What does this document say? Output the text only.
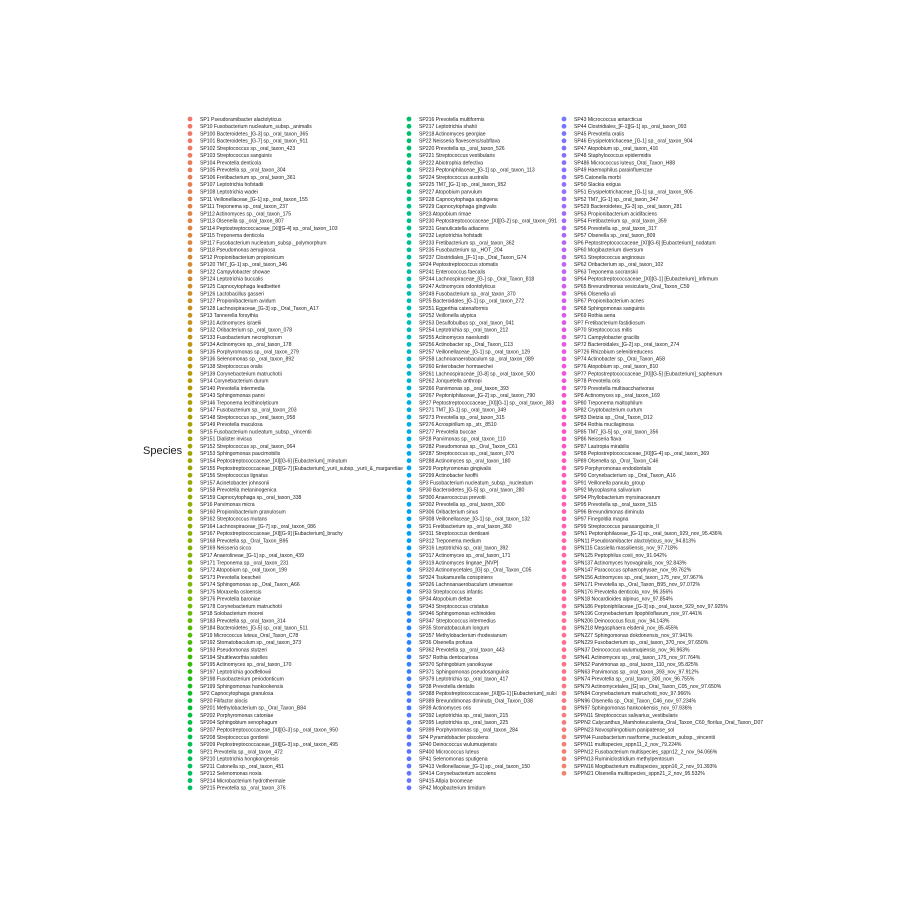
Species
SP1 Pseudoramibacter alactolyticus
SP10 Fusobacterium nucleatum_subsp._animalis
SP100 Bacteroidetes_[G-3] sp._oral_taxon_365
SP101 Bacteroidetes_[G-7] sp._oral_taxon_911
SP102 Streptococcus sp._oral_taxon_423
SP103 Streptococcus sanguinis
SP104 Prevotella denticola
SP105 Prevotella sp._oral_taxon_304
SP106 Fretibacterium sp._oral_taxon_361
SP107 Leptotrichia hofstadii
SP108 Leptotrichia wadei
SP11 Veillonellaceae_[G-1] sp._oral_taxon_155
SP111 Treponema sp._oral_taxon_237
SP112 Actinomyces sp._oral_taxon_175
SP113 Olsenella sp._oral_taxon_807
SP114 Peptostreptococcaceae_[XI][G-4] sp._oral_taxon_103
SP115 Treponema denticola
SP117 Fusobacterium nucleatum_subsp._polymorphum
SP118 Pseudomonas aeruginosa
SP12 Propionibacterium propionicum
SP120 TM7_[G-1] sp._oral_taxon_346
SP122 Campylobacter showae
SP124 Leptotrichia buccalis
SP125 Capnocytophaga leadbetteri
SP126 Lactobacillus gasseri
SP127 Propionibacterium avidum
SP128 Lachnospiraceae_[G-3] sp._Oral_Taxon_A17
SP13 Tannerella forsythia
SP131 Actinomyces israelii
SP132 Oribacterium sp._oral_taxon_078
SP133 Fusobacterium necrophorum
SP134 Actinomyces sp._oral_taxon_178
SP135 Porphyromonas sp._oral_taxon_279
SP136 Selenomonas sp._oral_taxon_892
SP138 Streptococcus oralis
SP139 Corynebacterium matruchotii
SP14 Corynebacterium durum
SP140 Prevotella intermedia
SP143 Sphingomonas panni
SP146 Treponema lecithinolyticum
SP147 Fusobacterium sp._oral_taxon_203
SP148 Streptococcus sp._oral_taxon_058
SP149 Prevotella maculosa
SP15 Fusobacterium nucleatum_subsp._vincentii
SP151 Dialister invisus
SP152 Streptococcus sp._oral_taxon_064
SP153 Sphingomonas paucimobilis
SP154 Peptostreptococcaceae_[XI][G-6] [Eubacterium]_minutum
SP155 Peptostreptococcaceae_[XI][G-7] [Eubacterium]_yurii_subsp._yurii_&_margaretiae
SP156 Streptococcus lignatus
SP157 Acinetobacter johnsonii
SP158 Prevotella melaninogenica
SP159 Capnocytophaga sp._oral_taxon_338
SP16 Parvimonas micra
SP160 Propionibacterium granulosum
SP162 Streptococcus mutans
SP164 Lachnospiraceae_[G-7] sp._oral_taxon_086
SP167 Peptostreptococcaceae_[XI][G-9] [Eubacterium]_brachy
SP168 Prevotella sp._Oral_Taxon_B95
SP169 Neisseria sicca
SP17 Anaerolineae_[G-1] sp._oral_taxon_439
SP171 Treponema sp._oral_taxon_231
SP172 Atopobium sp._oral_taxon_199
SP173 Prevotella loescheii
SP174 Sphingomonas sp._Oral_Taxon_A66
SP175 Moraxella osloensis
SP176 Prevotella baroniae
SP178 Corynebacterium matruchotii
SP18 Solobacterium moorei
SP183 Prevotella sp._oral_taxon_314
SP184 Bacteroidetes_[G-5] sp._oral_taxon_511
SP19 Micrococcus luteus_Oral_Taxon_C78
SP192 Stomatobaculum sp._oral_taxon_373
SP193 Pseudomonas stutzeri
SP194 Shuttleworthia satelles
SP195 Actinomyces sp._oral_taxon_170
SP197 Leptotrichia goodfellowii
SP198 Fusobacterium periodonticum
SP199 Sphingomonas hankookensis
SP2 Capnocytophaga granulosa
SP20 Filifactor alocis
SP201 Methylobacterium sp._Oral_Taxon_B84
SP202 Porphyromonas catoniae
SP204 Sphingobium xenophagum
SP207 Peptostreptococcaceae_[XI][G-3] sp._oral_taxon_950
SP208 Streptococcus gordonii
SP209 Peptostreptococcaceae_[XI][G-3] sp._oral_taxon_495
SP21 Prevotella sp._oral_taxon_472
SP210 Leptotrichia hongkongensis
SP211 Catonella sp._oral_taxon_451
SP212 Selenomonas noxia
SP214 Microbacterium hydrothermale
SP215 Prevotella sp._oral_taxon_376
SP216 Prevotella multiformis
SP217 Leptotrichia shahii
SP218 Actinomyces georgiae
SP22 Neisseria flavescens/subflava
SP220 Prevotella sp._oral_taxon_526
SP221 Streptococcus vestibularis
SP222 Abiotrophia defectiva
SP223 Peptoniphilaceae_[G-1] sp._oral_taxon_113
SP224 Streptococcus australis
SP225 TM7_[G-1] sp._oral_taxon_952
SP227 Atopobium parvulum
SP228 Capnocytophaga sputigena
SP229 Capnocytophaga gingivalis
SP23 Atopobium rimae
SP230 Peptostreptococcaceae_[XI][G-2] sp._oral_taxon_091
SP231 Granulicatella adiacens
SP232 Leptotrichia hofstadii
SP233 Fretibacterium sp._oral_taxon_362
SP235 Fusobacterium sp._HOT_204
SP237 Clostridiales_[F-1] sp._Oral_Taxon_G74
SP24 Peptostreptococcus stomatis
SP241 Enterococcus faecalis
SP244 Lachnospiraceae_[G-] sp._Oral_Taxon_818
SP247 Actinomyces odontolyticus
SP249 Fusobacterium sp._oral_taxon_370
SP25 Bacteroidales_[G-1] sp._oral_taxon_272
SP251 Eggerthia catenaformis
SP252 Veillonella atypica
SP253 Desulfobulbus sp._oral_taxon_041
SP254 Leptotrichia sp._oral_taxon_212
SP255 Actinomyces naeslundii
SP256 Actinobacter sp._Oral_Taxon_C13
SP257 Veillonellaceae_[G-1] sp._oral_taxon_129
SP258 Lachnoanaerobaculum sp._oral_taxon_089
SP260 Enterobacter hormaechei
SP261 Lachnospiraceae_[G-8] sp._oral_taxon_500
SP262 Jonquetella anthropi
SP266 Parvimonas sp._oral_taxon_393
SP267 Peptoniphilaceae_[G-2] sp._oral_taxon_790
SP27 Peptostreptococcaceae_[XI][G-1] sp._oral_taxon_383
SP271 TM7_[G-1] sp._oral_taxon_349
SP273 Prevotella sp._oral_taxon_315
SP276 Acrospirillum sp._str._8510
SP277 Prevotella buccae
SP28 Parvimonas sp._oral_taxon_110
SP282 Pseudomonas sp._Oral_Taxon_C61
SP287 Streptococcus sp._oral_taxon_070
SP288 Actinomyces sp._oral_taxon_180
SP29 Porphyromonas gingivalis
SP299 Actinobacter lwoffii
SP3 Fusobacterium nucleatum_subsp._nucleatum
SP30 Bacteroidetes_[G-5] sp._oral_taxon_280
SP300 Anaerococcus prevotii
SP302 Prevotella sp._oral_taxon_300
SP306 Oribacterium sinus
SP308 Veillonellaceae_[G-1] sp._oral_taxon_132
SP31 Fretibacterium sp._oral_taxon_360
SP311 Streptococcus dentisani
SP312 Treponema medium
SP316 Leptotrichia sp._oral_taxon_392
SP317 Actinomyces sp._oral_taxon_171
SP319 Actinomyces lingnae_[NVP]
SP320 Actinomycetales_[G] sp._Oral_Taxon_C05
SP324 Tsukamurella conspiriens
SP326 Lachnoanaerobaculum umeaense
SP33 Streptococcus infantis
SP34 Atopobium deltae
SP343 Streptococcus cristatus
SP346 Sphingomonas echinoides
SP347 Streptococcus intermedius
SP35 Stomatobaculum longum
SP357 Methylobacterium rhodesianum
SP36 Olsenella profusa
SP362 Prevotella sp._oral_taxon_443
SP37 Rothia dentocariosa
SP370 Sphingobium yanoikuyae
SP371 Sphingomonas pseudosanguinis
SP379 Leptotrichia sp._oral_taxon_417
SP38 Prevotella dentalis
SP388 Peptostreptococcaceae_[XI][G-1] [Eubacterium]_sulci
SP389 Brevundimonas diminuta_Oral_Taxon_D38
SP39 Actinomyces oris
SP392 Leptotrichia sp._oral_taxon_215
SP395 Leptotrichia sp._oral_taxon_225
SP399 Porphyromonas sp._oral_taxon_284
SP4 Pyramidobacter piscolens
SP40 Deinococcus wulumuqiensis
SP400 Micrococcus luteus
SP41 Selenomonas sputigena
SP413 Veillonellaceae_[G-1] sp._oral_taxon_150
SP414 Corynebacterium accolens
SP415 Afipia broomeae
SP42 Mogibacterium timidum
SP43 Micrococcus antarcticus
SP44 Clostridiales_[F-1][G-1] sp._oral_taxon_093
SP45 Prevotella oralis
SP46 Erysipelotrichaceae_[G-1] sp._oral_taxon_904
SP47 Atopobium sp._oral_taxon_416
SP48 Staphylococcus epidermidis
SP486 Micrococcus luteus_Oral_Taxon_H88
SP49 Haemophilus parainfluenzae
SP5 Catonella morbi
SP50 Slackia exigua
SP51 Erysipelotrichaceae_[G-1] sp._oral_taxon_905
SP52 TM7_[G-1] sp._oral_taxon_347
SP529 Bacteroidetes_[G-3] sp._oral_taxon_281
SP53 Propionibacterium acidifaciens
SP54 Fretibacterium sp._oral_taxon_359
SP56 Prevotella sp._oral_taxon_317
SP57 Olsenella sp._oral_taxon_809
SP6 Peptostreptococcaceae_[XI][G-6] [Eubacterium]_nodatum
SP60 Mogibacterium diversum
SP61 Streptococcus anginosus
SP62 Oribacterium sp._oral_taxon_102
SP63 Treponema socranskii
SP64 Peptostreptococcaceae_[XI][G-1] [Eubacterium]_infirmum
SP65 Brevundimonas vesicularis_Oral_Taxon_C59
SP66 Olsenella uli
SP67 Propionibacterium acnes
SP68 Sphingomonas sanguinis
SP69 Rothia aeria
SP7 Fretibacterium fastidiosum
SP70 Streptococcus mitis
SP71 Campylobacter gracilis
SP72 Bacteroidales_[G-2] sp._oral_taxon_274
SP726 Rhizobium selenitireducens
SP74 Actinobacter sp._Oral_Taxon_A58
SP76 Atopobium sp._oral_taxon_810
SP77 Peptostreptococcaceae_[XI][G-5] [Eubacterium]_saphenum
SP78 Prevotella oris
SP79 Prevotella multisaccharivorax
SP8 Actinomyces sp._oral_taxon_169
SP80 Treponema maltophilum
SP82 Cryptobacterium curtum
SP83 Dietzia sp._Oral_Taxon_D12
SP84 Rothia mucilaginosa
SP85 TM7_[G-5] sp._oral_taxon_356
SP86 Neisseria flava
SP87 Lautropia mirabilis
SP88 Peptostreptococcaceae_[XI][G-4] sp._oral_taxon_369
SP89 Olsenella sp._Oral_Taxon_C46
SP9 Porphyromonas endodontalis
SP90 Corynebacterium sp._Oral_Taxon_A16
SP91 Veillonella parvula_group
SP92 Mycoplasma salivarium
SP94 Phyllobacterium myrsinacearum
SP95 Prevotella sp._oral_taxon_515
SP96 Brevundimonas diminuta
SP97 Finegoldia magna
SP99 Streptococcus parasanguinis_II
SPN1 Peptoniphilaceae_[G-1] sp._oral_taxon_929_nov_95.436%
SPN11 Pseudoramibacter alactolyticus_nov_94.813%
SPN115 Cassiella massiliensis_nov_97.718%
SPN125 Peptophilus coxii_nov_91.042%
SPN137 Actinomyces hyovaginalis_nov_92.843%
SPN147 Paracoccus sphaerophysae_nov_99.762%
SPN156 Actinomyces sp._oral_taxon_175_nov_97.967%
SPN171 Prevotella sp._Oral_Taxon_B95_nov_97.072%
SPN176 Prevotella denticola_nov_96.356%
SPN18 Nocardioides alpinus_nov_97.854%
SPN186 Peptoniphilaceae_[G-3] sp._oral_taxon_929_nov_97.925%
SPN196 Corynebacterium lipophiloflavum_nov_97.441%
SPN206 Deinococcus ficus_nov_94.143%
SPN218 Megasphaera elsdenii_nov_85.455%
SPN227 Sphingomonas dokdonensis_nov_97.941%
SPN229 Fusobacterium sp._oral_taxon_370_nov_97.650%
SPN37 Deinococcus wulumuqiensis_nov_96.963%
SPN41 Actinomyces sp._oral_taxon_175_nov_97.764%
SPN52 Parvimonas sp._oral_taxon_110_nov_95.825%
SPN63 Parvimonas sp._oral_taxon_393_nov_97.912%
SPN74 Prevotella sp._oral_taxon_300_nov_96.755%
SPN79 Actinomycetales_[G] sp._Oral_Taxon_C05_nov_97.650%
SPN84 Corynebacterium matruchotii_nov_97.966%
SPN96 Olsenella sp._Oral_Taxon_C46_nov_97.234%
SPN97 Sphingomonas hankookensis_nov_97.936%
SPPN11 Streptococcus salivarius_vestibularis
SPPN2 Calycanthus_Mamhoteuculenta_Oral_Taxon_C60_florilus_Oral_Taxon_D07
SPPN23 Novosphingobium panipatense_sol
SPPN4 Fusobacterium naviforme_nucleatum_subsp._vincentii
SPPN11 multispecies_sppn11_2_nov_79.224%
SPPN12 Fusobacterium multispecies_sppn12_2_nov_94.066%
SPPN13 Ruminiclostridium methylpentosum
SPPN16 Mogibacterium multispecies_sppn16_2_nov_91.393%
SPPN21 Olsenella multispecies_sppn21_2_nov_95.532%
